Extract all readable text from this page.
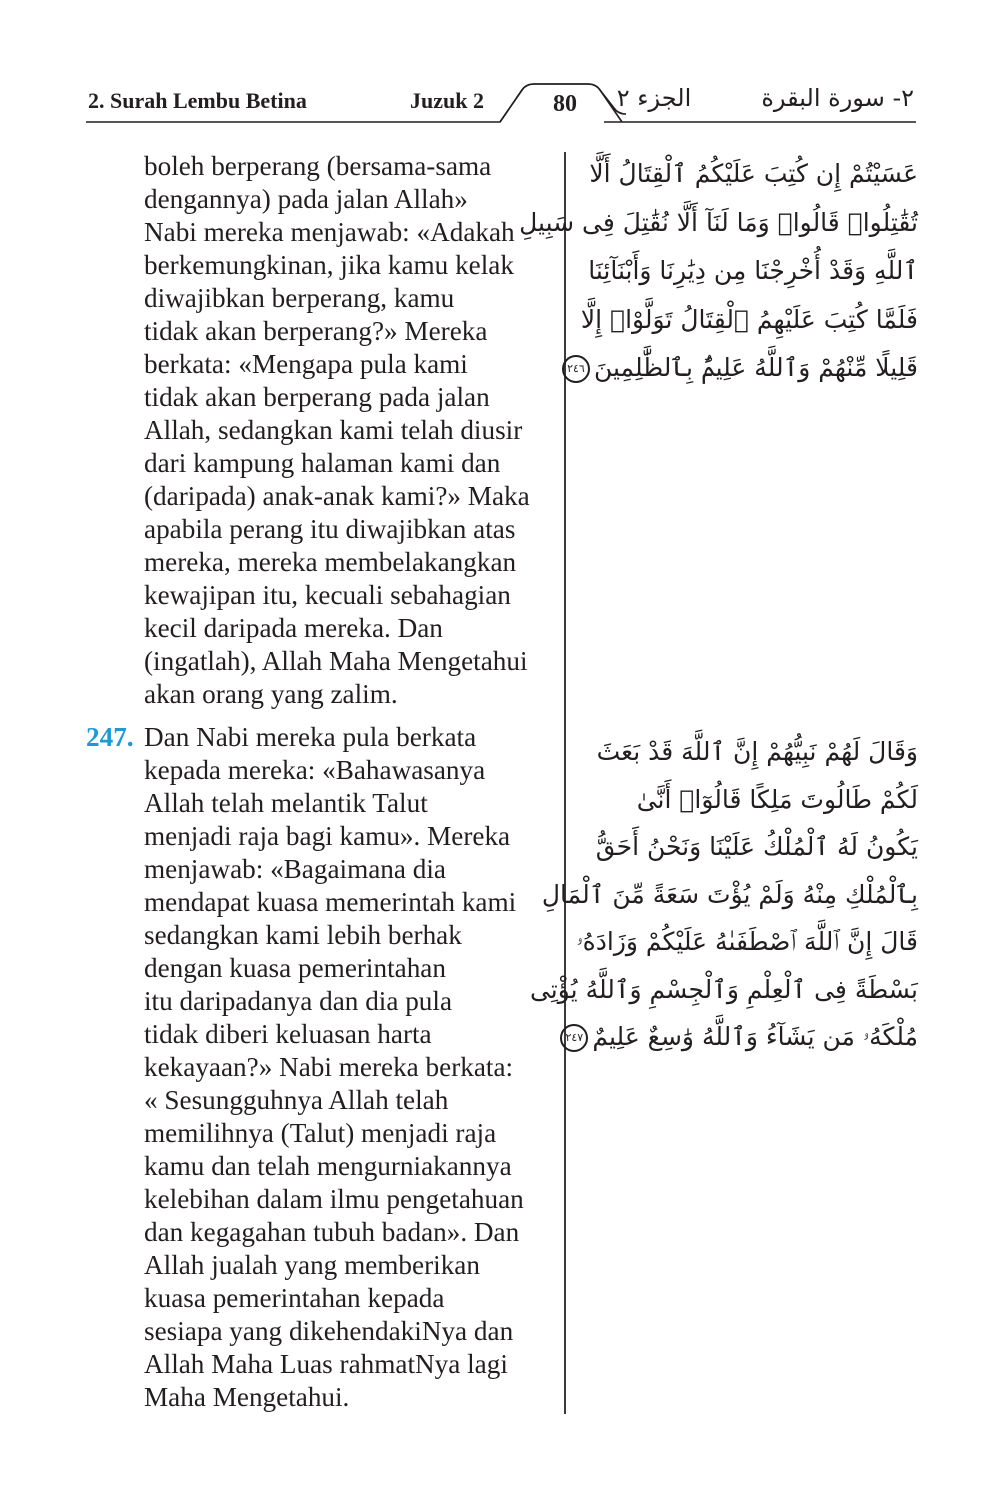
2. Surah Lembu Betina	Juzuk 2	80	الجزء ٢	٢- سورة البقرة
boleh berperang (bersama-sama
dengannya) pada jalan Allah»
Nabi mereka menjawab: «Adakah
berkemungkinan, jika kamu kelak
diwajibkan berperang, kamu
tidak akan berperang?» Mereka
berkata: «Mengapa pula kami
tidak akan berperang pada jalan
Allah, sedangkan kami telah diusir
dari kampung halaman kami dan
(daripada) anak-anak kami?» Maka
apabila perang itu diwajibkan atas
mereka, mereka membelakangkan
kewajipan itu, kecuali sebahagian
kecil daripada mereka. Dan
(ingatlah), Allah Maha Mengetahui
akan orang yang zalim.
247. Dan Nabi mereka pula berkata
kepada mereka: «Bahawasanya
Allah telah melantik Talut
menjadi raja bagi kamu». Mereka
menjawab: «Bagaimana dia
mendapat kuasa memerintah kami
sedangkan kami lebih berhak
dengan kuasa pemerintahan
itu daripadanya dan dia pula
tidak diberi keluasan harta
kekayaan?» Nabi mereka berkata:
« Sesungguhnya Allah telah
memilihnya (Talut) menjadi raja
kamu dan telah mengurniakannya
kelebihan dalam ilmu pengetahuan
dan kegagahan tubuh badan». Dan
Allah jualah yang memberikan
kuasa pemerintahan kepada
sesiapa yang dikehendakiNya dan
Allah Maha Luas rahmatNya lagi
Maha Mengetahui.
عَسَيْتُمْ إِن كُتِبَ عَلَيْكُمُ ٱلْقِتَالُ أَلَّا
تُقَٰتِلُوا۟ قَالُوا۟ وَمَا لَنَآ أَلَّا نُقَٰتِلَ فِى سَبِيلِ
ٱللَّهِ وَقَدْ أُخْرِجْنَا مِن دِيَٰرِنَا وَأَبْنَآئِنَا
فَلَمَّا كُتِبَ عَلَيْهِمُ ٱلْقِتَالُ تَوَلَّوْا۟ إِلَّا
قَلِيلًا مِّنْهُمْ وَٱللَّهُ عَلِيمٌۢ بِٱلظَّٰلِمِينَ٢٤٦
وَقَالَ لَهُمْ نَبِيُّهُمْ إِنَّ ٱللَّهَ قَدْ بَعَثَ
لَكُمْ طَالُوتَ مَلِكًا قَالُوٓا۟ أَنَّىٰ
يَكُونُ لَهُ ٱلْمُلْكُ عَلَيْنَا وَنَحْنُ أَحَقُّ
بِٱلْمُلْكِ مِنْهُ وَلَمْ يُؤْتَ سَعَةً مِّنَ ٱلْمَالِ
قَالَ إِنَّ ٱللَّهَ ٱصْطَفَىٰهُ عَلَيْكُمْ وَزَادَهُۥ
بَسْطَةً فِى ٱلْعِلْمِ وَٱلْجِسْمِ وَٱللَّهُ يُؤْتِى
مُلْكَهُۥ مَن يَشَآءُ وَٱللَّهُ وَٰسِعٌ عَلِيمٌ٢٤٧
